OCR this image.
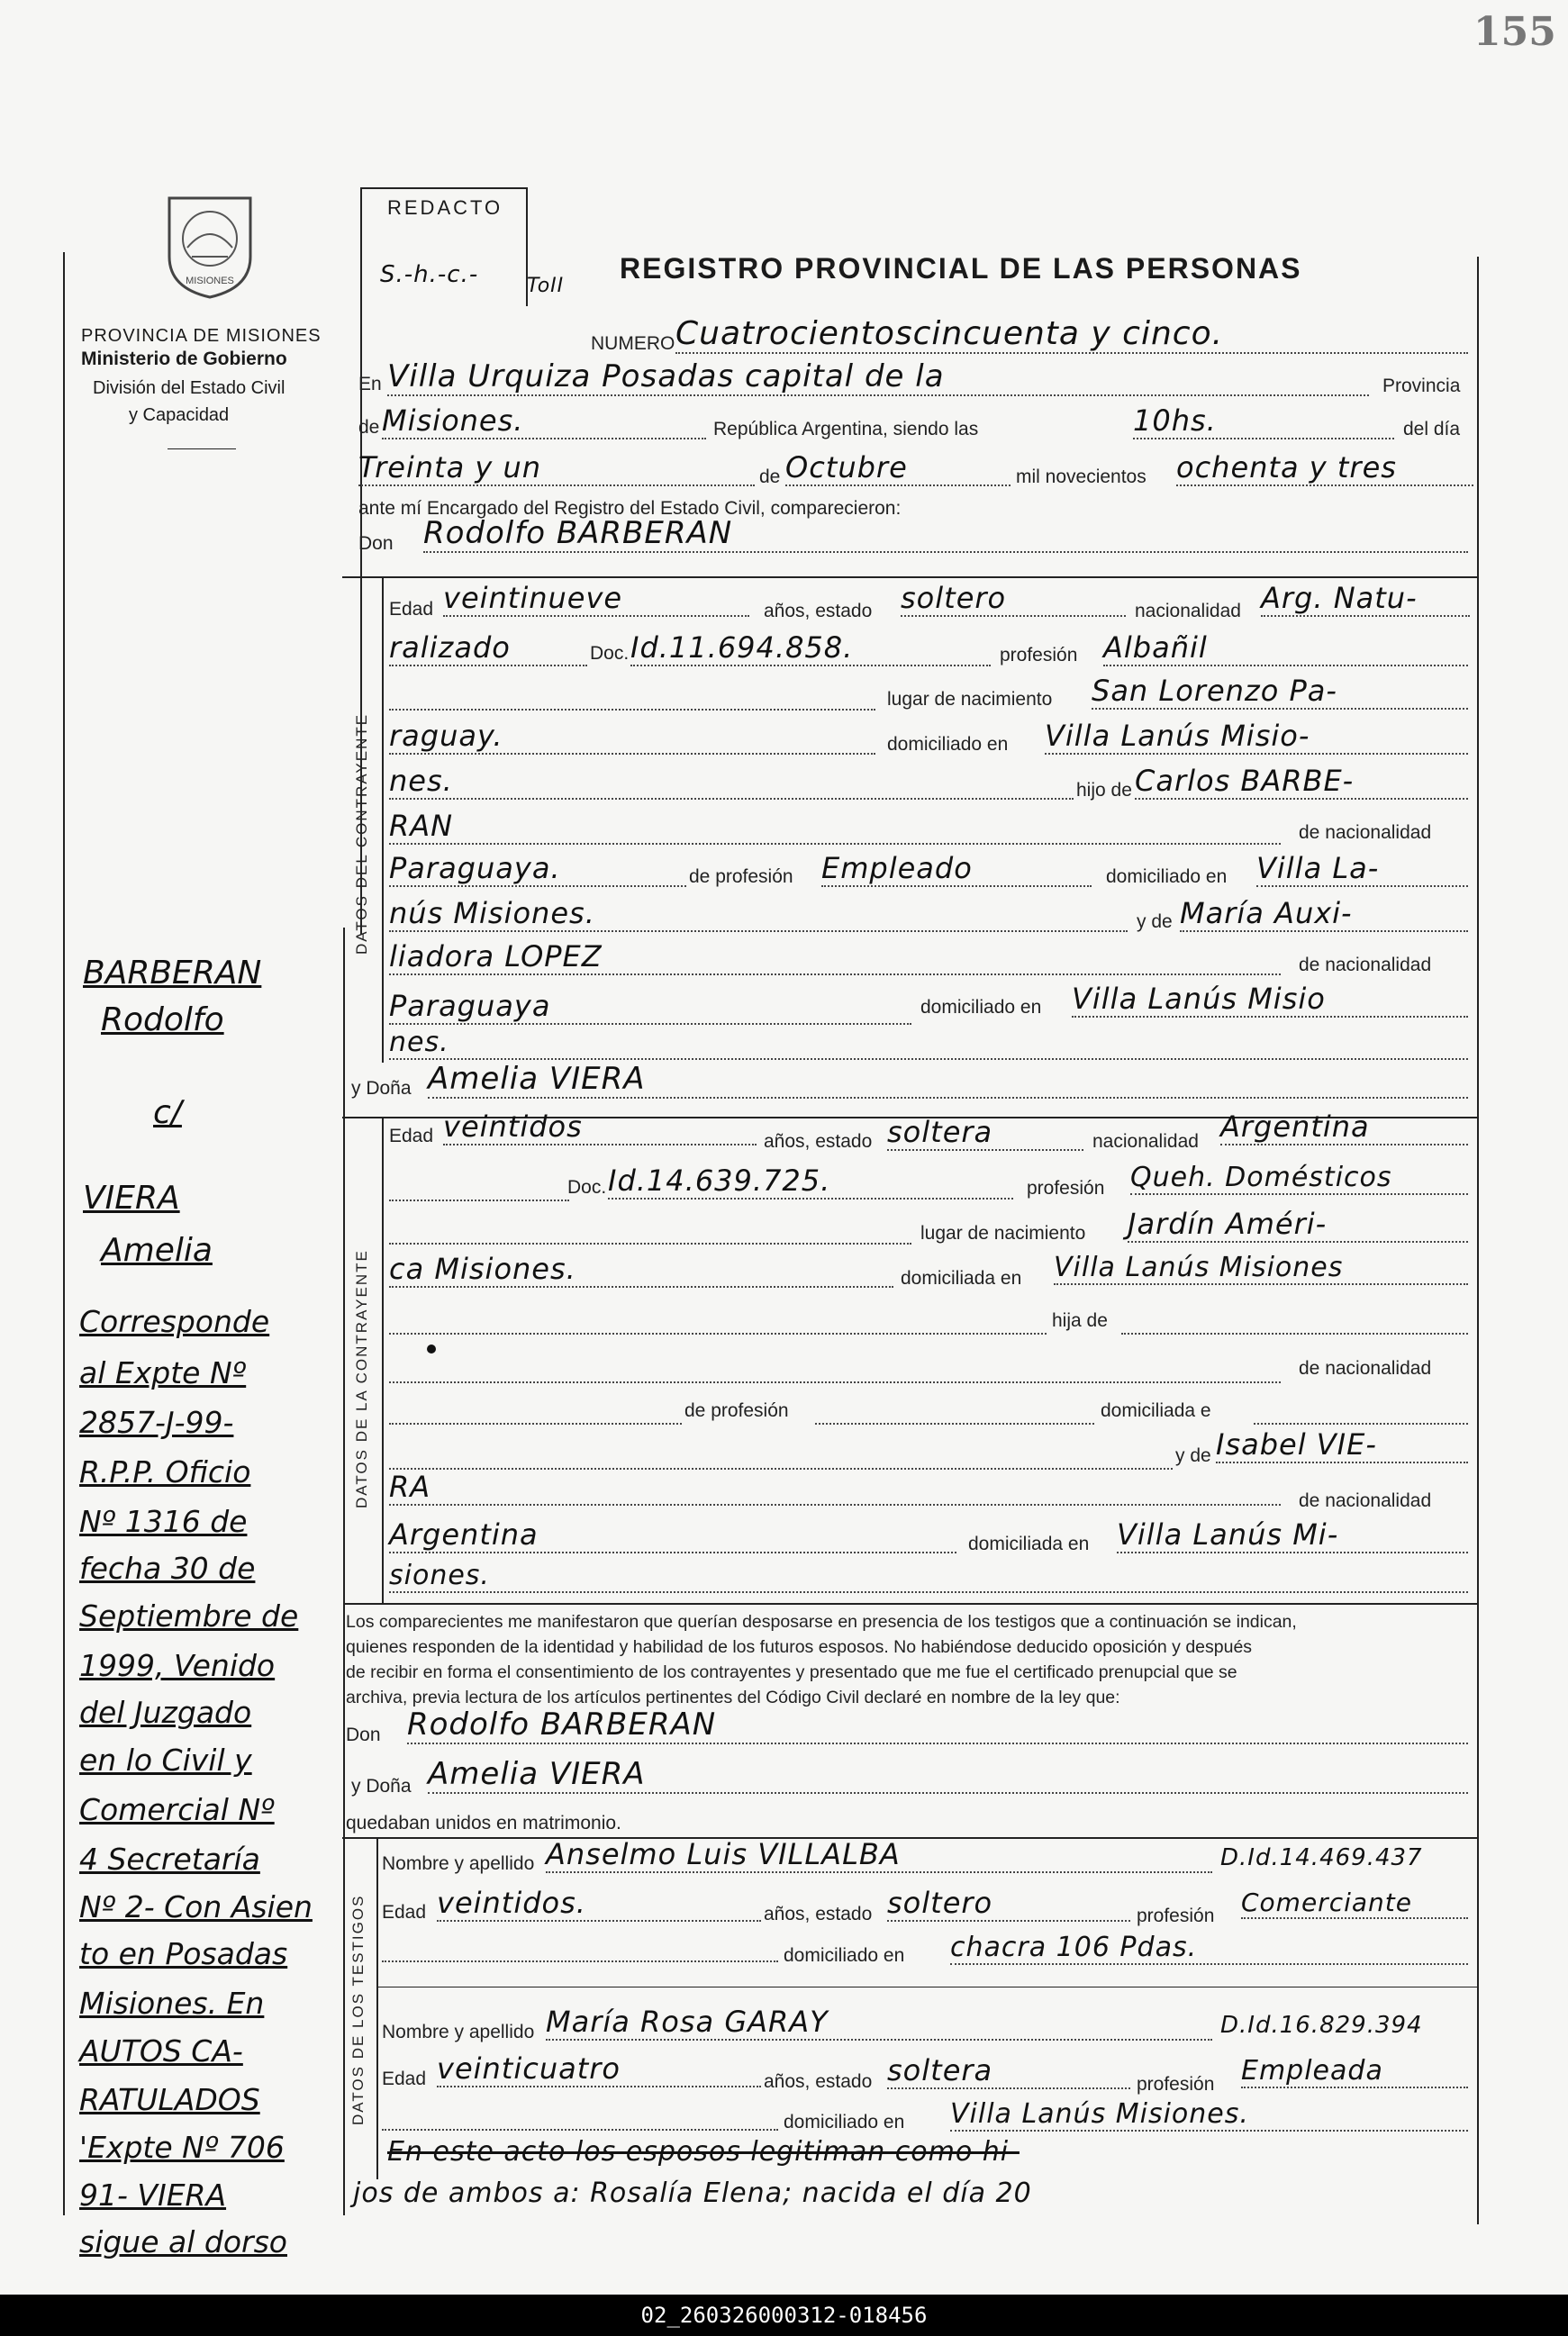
155
MISIONES
PROVINCIA DE MISIONES
Ministerio de Gobierno
División del Estado Civil
y Capacidad
REDACTO
S.-h.-c.- ToII
REGISTRO PROVINCIAL DE LAS PERSONAS
NUMERO Cuatrocientoscincuenta y cinco.
En Villa Urquiza Posadas capital de la	Provincia
de Misiones.	República Argentina, siendo las	10hs.	del día
Treinta y un	de Octubre	mil novecientos ochenta y tres
ante mí Encargado del Registro del Estado Civil, comparecieron:
Don Rodolfo BARBERAN
DATOS DEL CONTRAYENTE
Edad veintinueve	años, estado soltero	nacionalidad Arg. Natu-
ralizado	Doc. Id.11.694.858.	profesión Albañil
lugar de nacimiento San Lorenzo Pa-
raguay.	domiciliado en Villa Lanús Misio-
nes.	hijo de Carlos BARBE-
RAN	de nacionalidad
Paraguaya.	de profesión Empleado	domiciliado en Villa La-
nús Misiones.	y de María Auxi-
liadora LOPEZ	de nacionalidad
Paraguaya	domiciliado en Villa Lanús Misio
nes.
y Doña Amelia VIERA
DATOS DE LA CONTRAYENTE
Edad veintidos	años, estado soltera	nacionalidad Argentina
Doc. Id.14.639.725.	profesión Queh. Domésticos
lugar de nacimiento Jardín Améri-
ca Misiones.	domiciliada en Villa Lanús Misiones
hija de
de nacionalidad
de profesión	domiciliada e
y de Isabel VIE-
RA	de nacionalidad
Argentina	domiciliada en Villa Lanús Mi-
siones.
Los comparecientes me manifestaron que querían desposarse en presencia de los testigos que a continuación se indican,
quienes responden de la identidad y habilidad de los futuros esposos. No habiéndose deducido oposición y después
de recibir en forma el consentimiento de los contrayentes y presentado que me fue el certificado prenupcial que se
archiva, previa lectura de los artículos pertinentes del Código Civil declaré en nombre de la ley que:
Don Rodolfo BARBERAN
y Doña Amelia VIERA
quedaban unidos en matrimonio.
DATOS DE LOS TESTIGOS
Nombre y apellido Anselmo Luis VILLALBA	D.Id.14.469.437
Edad veintidos.	años, estado soltero	profesión Comerciante
domiciliado en chacra 106 Pdas.
Nombre y apellido María Rosa GARAY	D.Id.16.829.394
Edad veinticuatro	años, estado soltera	profesión Empleada
domiciliado en Villa Lanús Misiones.
En este acto los esposos legitiman como hi-
jos de ambos a: Rosalía Elena; nacida el día 20
BARBERAN
Rodolfo
c/
VIERA
Amelia
Corresponde
al Expte Nº
2857-J-99-
R.P.P. Oficio
Nº 1316 de
fecha 30 de
Septiembre de
1999, Venido
del Juzgado
en lo Civil y
Comercial Nº
4 Secretaría
Nº 2- Con Asien
to en Posadas
Misiones. En
AUTOS CA-
RATULADOS
'Expte Nº 706
91- VIERA
sigue al dorso
02_260326000312-018456
